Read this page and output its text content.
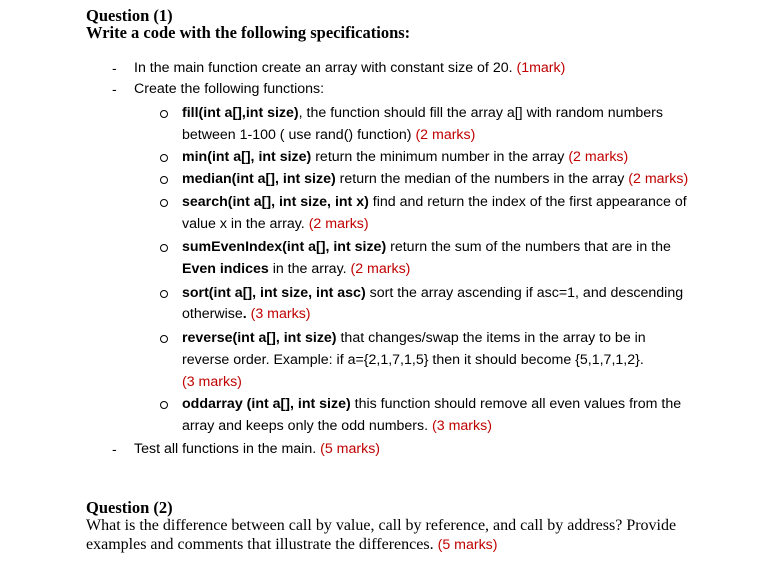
Question (1)
Write a code with the following specifications:
- In the main function create an array with constant size of 20. (1mark)
- Create the following functions:
fill(int a[],int size), the function should fill the array a[] with random numbers
between 1-100 ( use rand() function) (2 marks)
min(int a[], int size) return the minimum number in the array (2 marks)
median(int a[], int size) return the median of the numbers in the array (2 marks)
search(int a[], int size, int x) find and return the index of the first appearance of
value x in the array. (2 marks)
sumEvenIndex(int a[], int size) return the sum of the numbers that are in the
Even indices in the array. (2 marks)
sort(int a[], int size, int asc) sort the array ascending if asc=1, and descending
otherwise. (3 marks)
reverse(int a[], int size) that changes/swap the items in the array to be in
reverse order. Example: if a={2,1,7,1,5} then it should become {5,1,7,1,2}.
(3 marks)
oddarray (int a[], int size) this function should remove all even values from the
array and keeps only the odd numbers. (3 marks)
- Test all functions in the main. (5 marks)
Question (2)
What is the difference between call by value, call by reference, and call by address? Provide
examples and comments that illustrate the differences. (5 marks)
